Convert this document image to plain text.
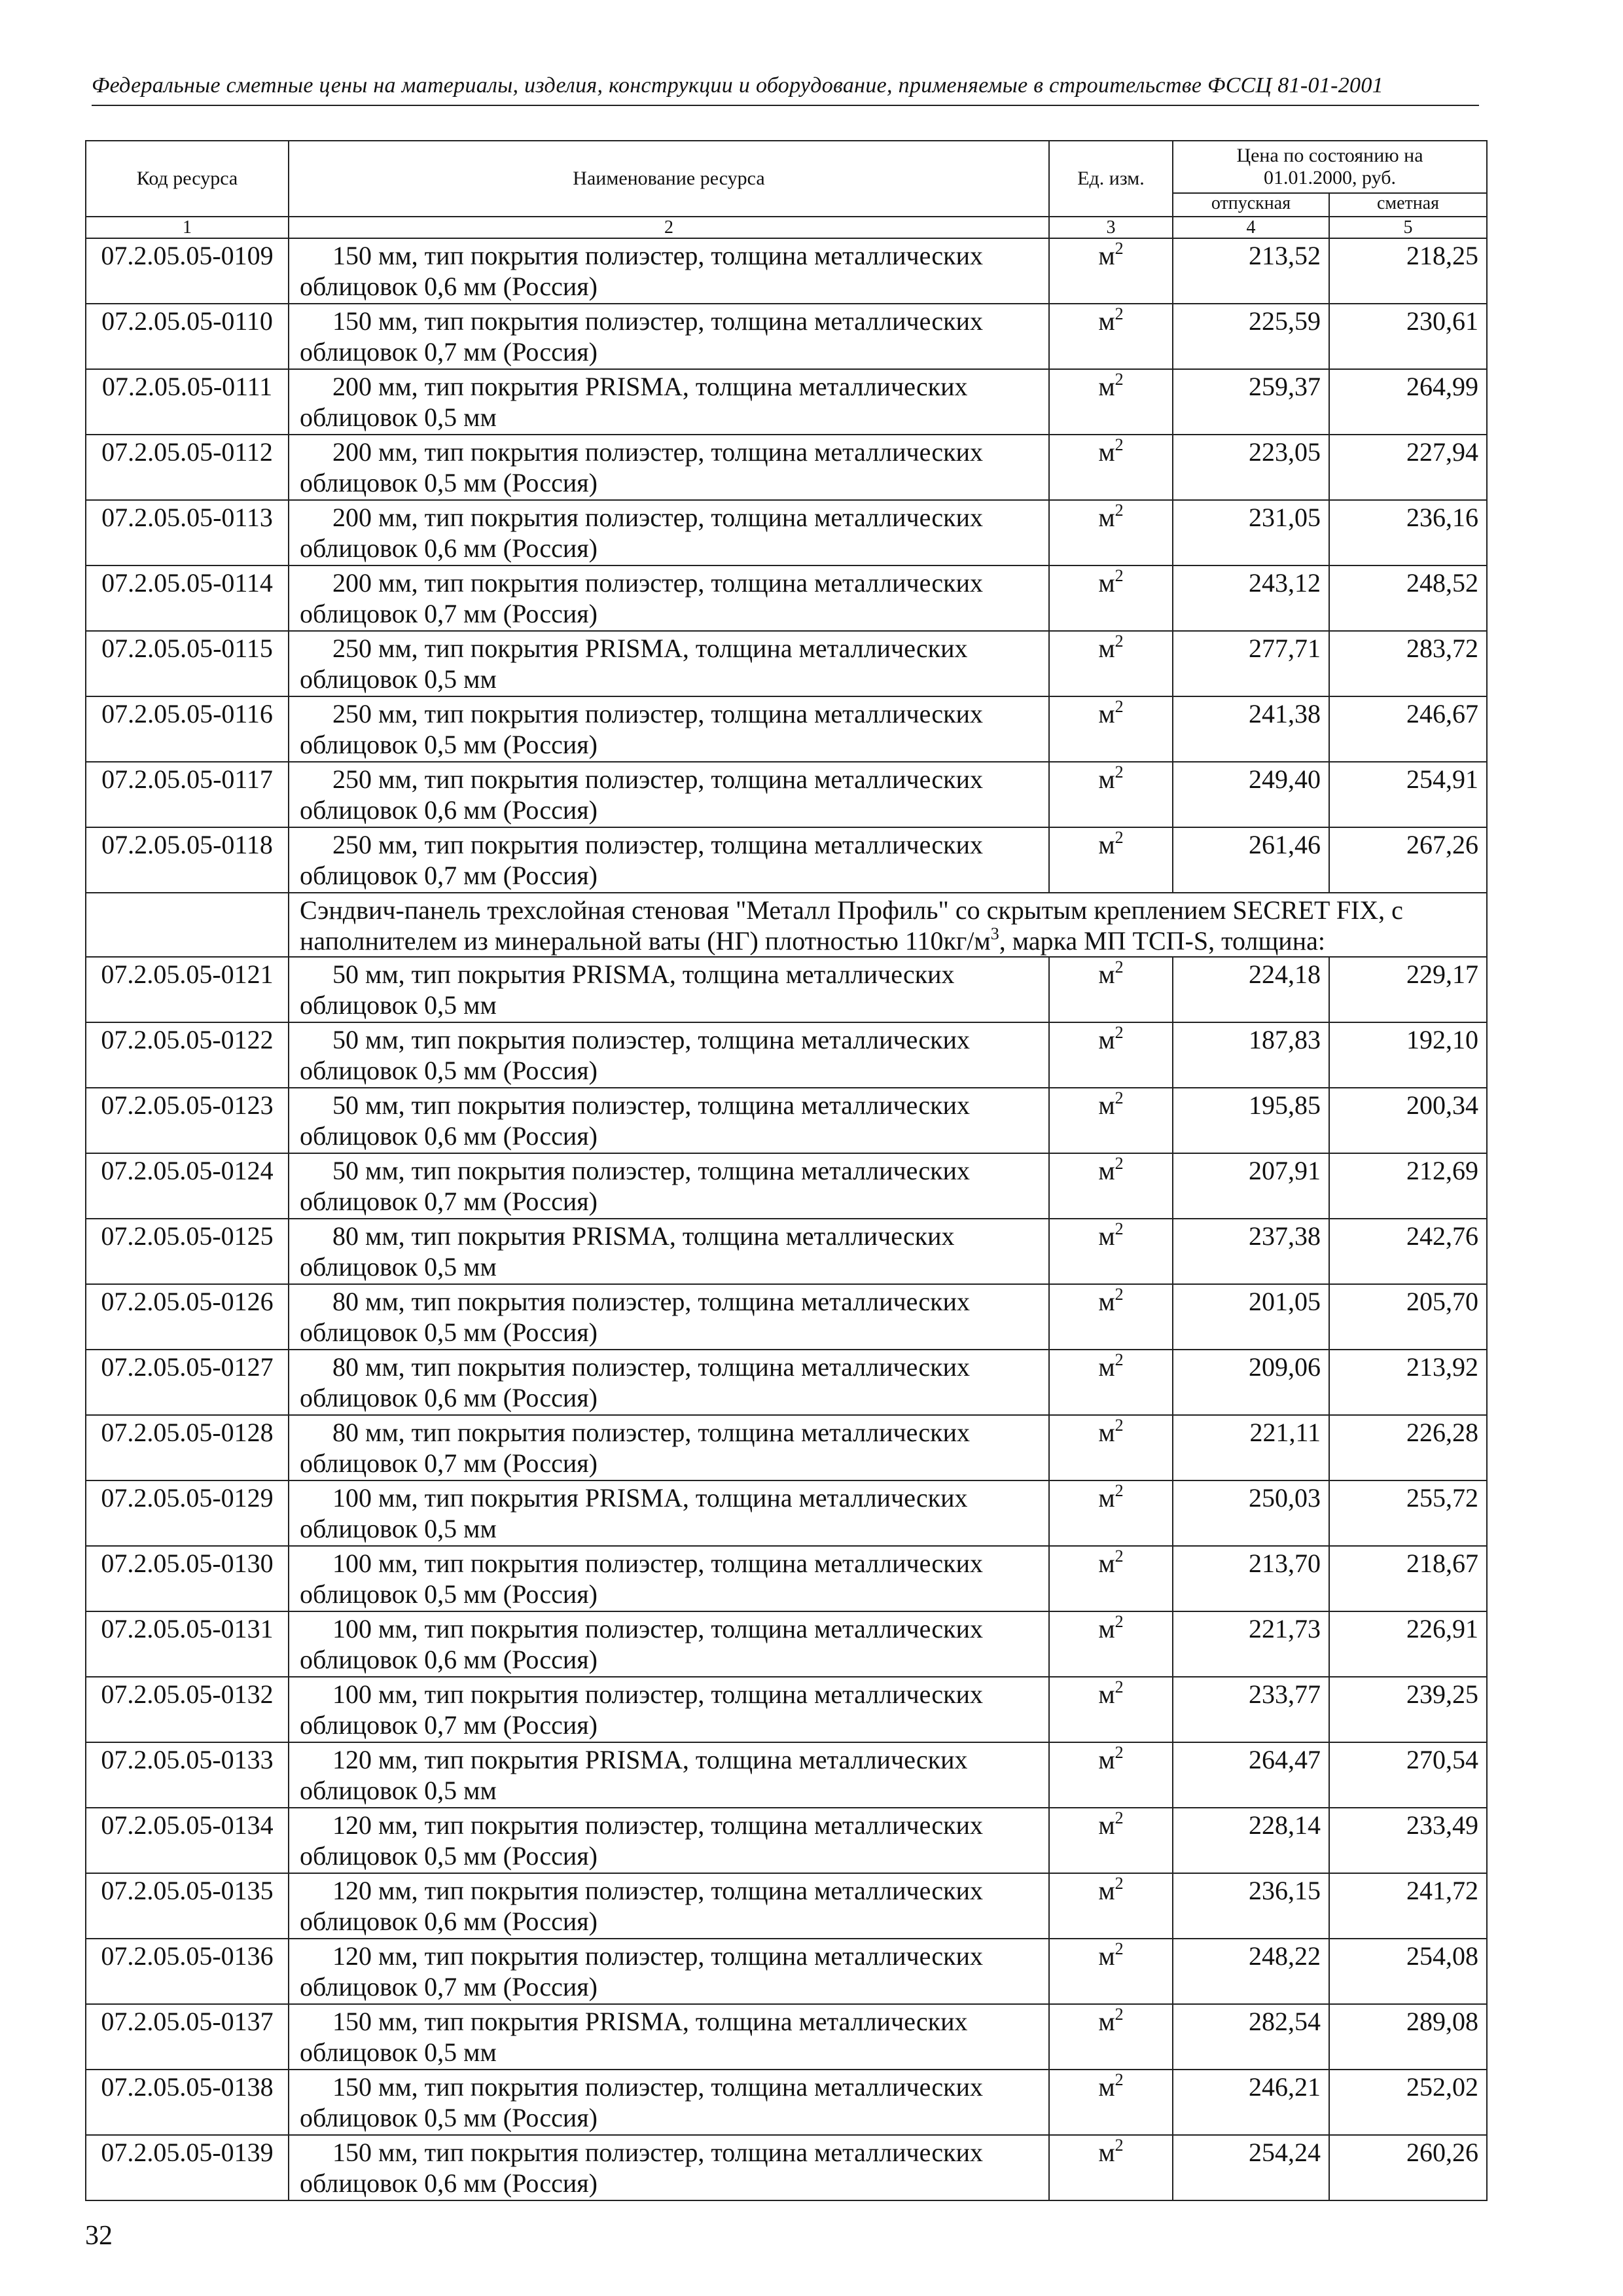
Федеральные сметные цены на материалы, изделия, конструкции и оборудование, применяемые в строительстве ФССЦ 81-01-2001
Код ресурса	Наименование ресурса	Ед. изм.	Цена по состоянию на 01.01.2000, руб.	
			отпускная	сметная
1	2	3	4	5
07.2.05.05-0109	150 мм, тип покрытия полиэстер, толщина металлических
облицовок 0,6 мм (Россия)	$м^2$	213,52	218,25
07.2.05.05-0110	150 мм, тип покрытия полиэстер, толщина металлических
облицовок 0,7 мм (Россия)	$м^2$	225,59	230,61
07.2.05.05-0111	200 мм, тип покрытия PRISMA, толщина металлических
облицовок 0,5 мм	$м^2$	259,37	264,99
07.2.05.05-0112	200 мм, тип покрытия полиэстер, толщина металлических
облицовок 0,5 мм (Россия)	$м^2$	223,05	227,94
07.2.05.05-0113	200 мм, тип покрытия полиэстер, толщина металлических
облицовок 0,6 мм (Россия)	$м^2$	231,05	236,16
07.2.05.05-0114	200 мм, тип покрытия полиэстер, толщина металлических
облицовок 0,7 мм (Россия)	$м^2$	243,12	248,52
07.2.05.05-0115	250 мм, тип покрытия PRISMA, толщина металлических
облицовок 0,5 мм	$м^2$	277,71	283,72
07.2.05.05-0116	250 мм, тип покрытия полиэстер, толщина металлических
облицовок 0,5 мм (Россия)	$м^2$	241,38	246,67
07.2.05.05-0117	250 мм, тип покрытия полиэстер, толщина металлических
облицовок 0,6 мм (Россия)	$м^2$	249,40	254,91
07.2.05.05-0118	250 мм, тип покрытия полиэстер, толщина металлических
облицовок 0,7 мм (Россия)	$м^2$	261,46	267,26
	Сэндвич-панель трехслойная стеновая "Металл Профиль" со скрытым креплением SECRET FIX, с
наполнителем из минеральной ваты (НГ) плотностью $110кг/м^3$, марка МП ТСП-S, толщина:			
07.2.05.05-0121	50 мм, тип покрытия PRISMA, толщина металлических
облицовок 0,5 мм	$м^2$	224,18	229,17
07.2.05.05-0122	50 мм, тип покрытия полиэстер, толщина металлических
облицовок 0,5 мм (Россия)	$м^2$	187,83	192,10
07.2.05.05-0123	50 мм, тип покрытия полиэстер, толщина металлических
облицовок 0,6 мм (Россия)	$м^2$	195,85	200,34
07.2.05.05-0124	50 мм, тип покрытия полиэстер, толщина металлических
облицовок 0,7 мм (Россия)	$м^2$	207,91	212,69
07.2.05.05-0125	80 мм, тип покрытия PRISMA, толщина металлических
облицовок 0,5 мм	$м^2$	237,38	242,76
07.2.05.05-0126	80 мм, тип покрытия полиэстер, толщина металлических
облицовок 0,5 мм (Россия)	$м^2$	201,05	205,70
07.2.05.05-0127	80 мм, тип покрытия полиэстер, толщина металлических
облицовок 0,6 мм (Россия)	$м^2$	209,06	213,92
07.2.05.05-0128	80 мм, тип покрытия полиэстер, толщина металлических
облицовок 0,7 мм (Россия)	$м^2$	221,11	226,28
07.2.05.05-0129	100 мм, тип покрытия PRISMA, толщина металлических
облицовок 0,5 мм	$м^2$	250,03	255,72
07.2.05.05-0130	100 мм, тип покрытия полиэстер, толщина металлических
облицовок 0,5 мм (Россия)	$м^2$	213,70	218,67
07.2.05.05-0131	100 мм, тип покрытия полиэстер, толщина металлических
облицовок 0,6 мм (Россия)	$м^2$	221,73	226,91
07.2.05.05-0132	100 мм, тип покрытия полиэстер, толщина металлических
облицовок 0,7 мм (Россия)	$м^2$	233,77	239,25
07.2.05.05-0133	120 мм, тип покрытия PRISMA, толщина металлических
облицовок 0,5 мм	$м^2$	264,47	270,54
07.2.05.05-0134	120 мм, тип покрытия полиэстер, толщина металлических
облицовок 0,5 мм (Россия)	$м^2$	228,14	233,49
07.2.05.05-0135	120 мм, тип покрытия полиэстер, толщина металлических
облицовок 0,6 мм (Россия)	$м^2$	236,15	241,72
07.2.05.05-0136	120 мм, тип покрытия полиэстер, толщина металлических
облицовок 0,7 мм (Россия)	$м^2$	248,22	254,08
07.2.05.05-0137	150 мм, тип покрытия PRISMA, толщина металлических
облицовок 0,5 мм	$м^2$	282,54	289,08
07.2.05.05-0138	150 мм, тип покрытия полиэстер, толщина металлических
облицовок 0,5 мм (Россия)	$м^2$	246,21	252,02
07.2.05.05-0139	150 мм, тип покрытия полиэстер, толщина металлических
облицовок 0,6 мм (Россия)	$м^2$	254,24	260,26
32
